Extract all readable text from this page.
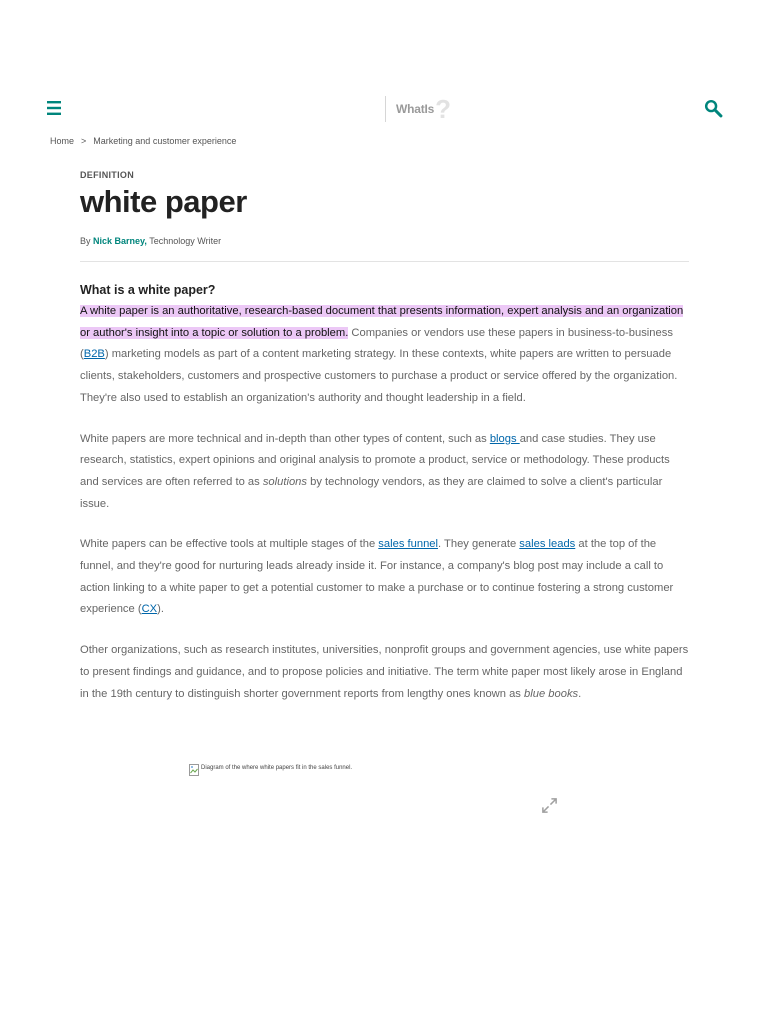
WhatIs ?
Home > Marketing and customer experience
DEFINITION
white paper
By Nick Barney, Technology Writer
What is a white paper?

A white paper is an authoritative, research-based document that presents information, expert analysis and an organization or author's insight into a topic or solution to a problem. Companies or vendors use these papers in business-to-business (B2B) marketing models as part of a content marketing strategy. In these contexts, white papers are written to persuade clients, stakeholders, customers and prospective customers to purchase a product or service offered by the organization. They're also used to establish an organization's authority and thought leadership in a field.

White papers are more technical and in-depth than other types of content, such as blogs and case studies. They use research, statistics, expert opinions and original analysis to promote a product, service or methodology. These products and services are often referred to as solutions by technology vendors, as they are claimed to solve a client's particular issue.

White papers can be effective tools at multiple stages of the sales funnel. They generate sales leads at the top of the funnel, and they're good for nurturing leads already inside it. For instance, a company's blog post may include a call to action linking to a white paper to get a potential customer to make a purchase or to continue fostering a strong customer experience (CX).

Other organizations, such as research institutes, universities, nonprofit groups and government agencies, use white papers to present findings and guidance, and to propose policies and initiative. The term white paper most likely arose in England in the 19th century to distinguish shorter government reports from lengthy ones known as blue books.

Diagram of the where white papers fit in the sales funnel.
